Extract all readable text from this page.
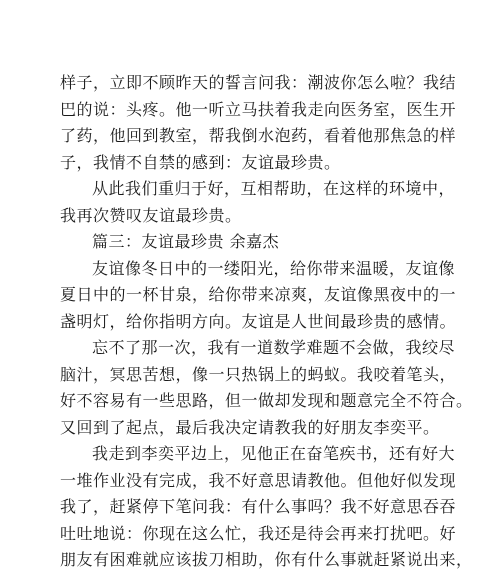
样子，立即不顾昨天的誓言问我：潮波你怎么啦？我结
巴的说：头疼。他一听立马扶着我走向医务室，医生开
了药，他回到教室，帮我倒水泡药，看着他那焦急的样
子，我情不自禁的感到：友谊最珍贵。
从此我们重归于好，互相帮助，在这样的环境中，
我再次赞叹友谊最珍贵。
篇三：友谊最珍贵 余嘉杰
友谊像冬日中的一缕阳光，给你带来温暖，友谊像
夏日中的一杯甘泉，给你带来凉爽，友谊像黑夜中的一
盏明灯，给你指明方向。友谊是人世间最珍贵的感情。
忘不了那一次，我有一道数学难题不会做，我绞尽
脑汁，冥思苦想，像一只热锅上的蚂蚁。我咬着笔头，
好不容易有一些思路，但一做却发现和题意完全不符合。
又回到了起点，最后我决定请教我的好朋友李奕平。
我走到李奕平边上，见他正在奋笔疾书，还有好大
一堆作业没有完成，我不好意思请教他。但他好似发现
我了，赶紧停下笔问我：有什么事吗？我不好意思吞吞
吐吐地说：你现在这么忙，我还是待会再来打扰吧。好
朋友有困难就应该拔刀相助，你有什么事就赶紧说出来，
